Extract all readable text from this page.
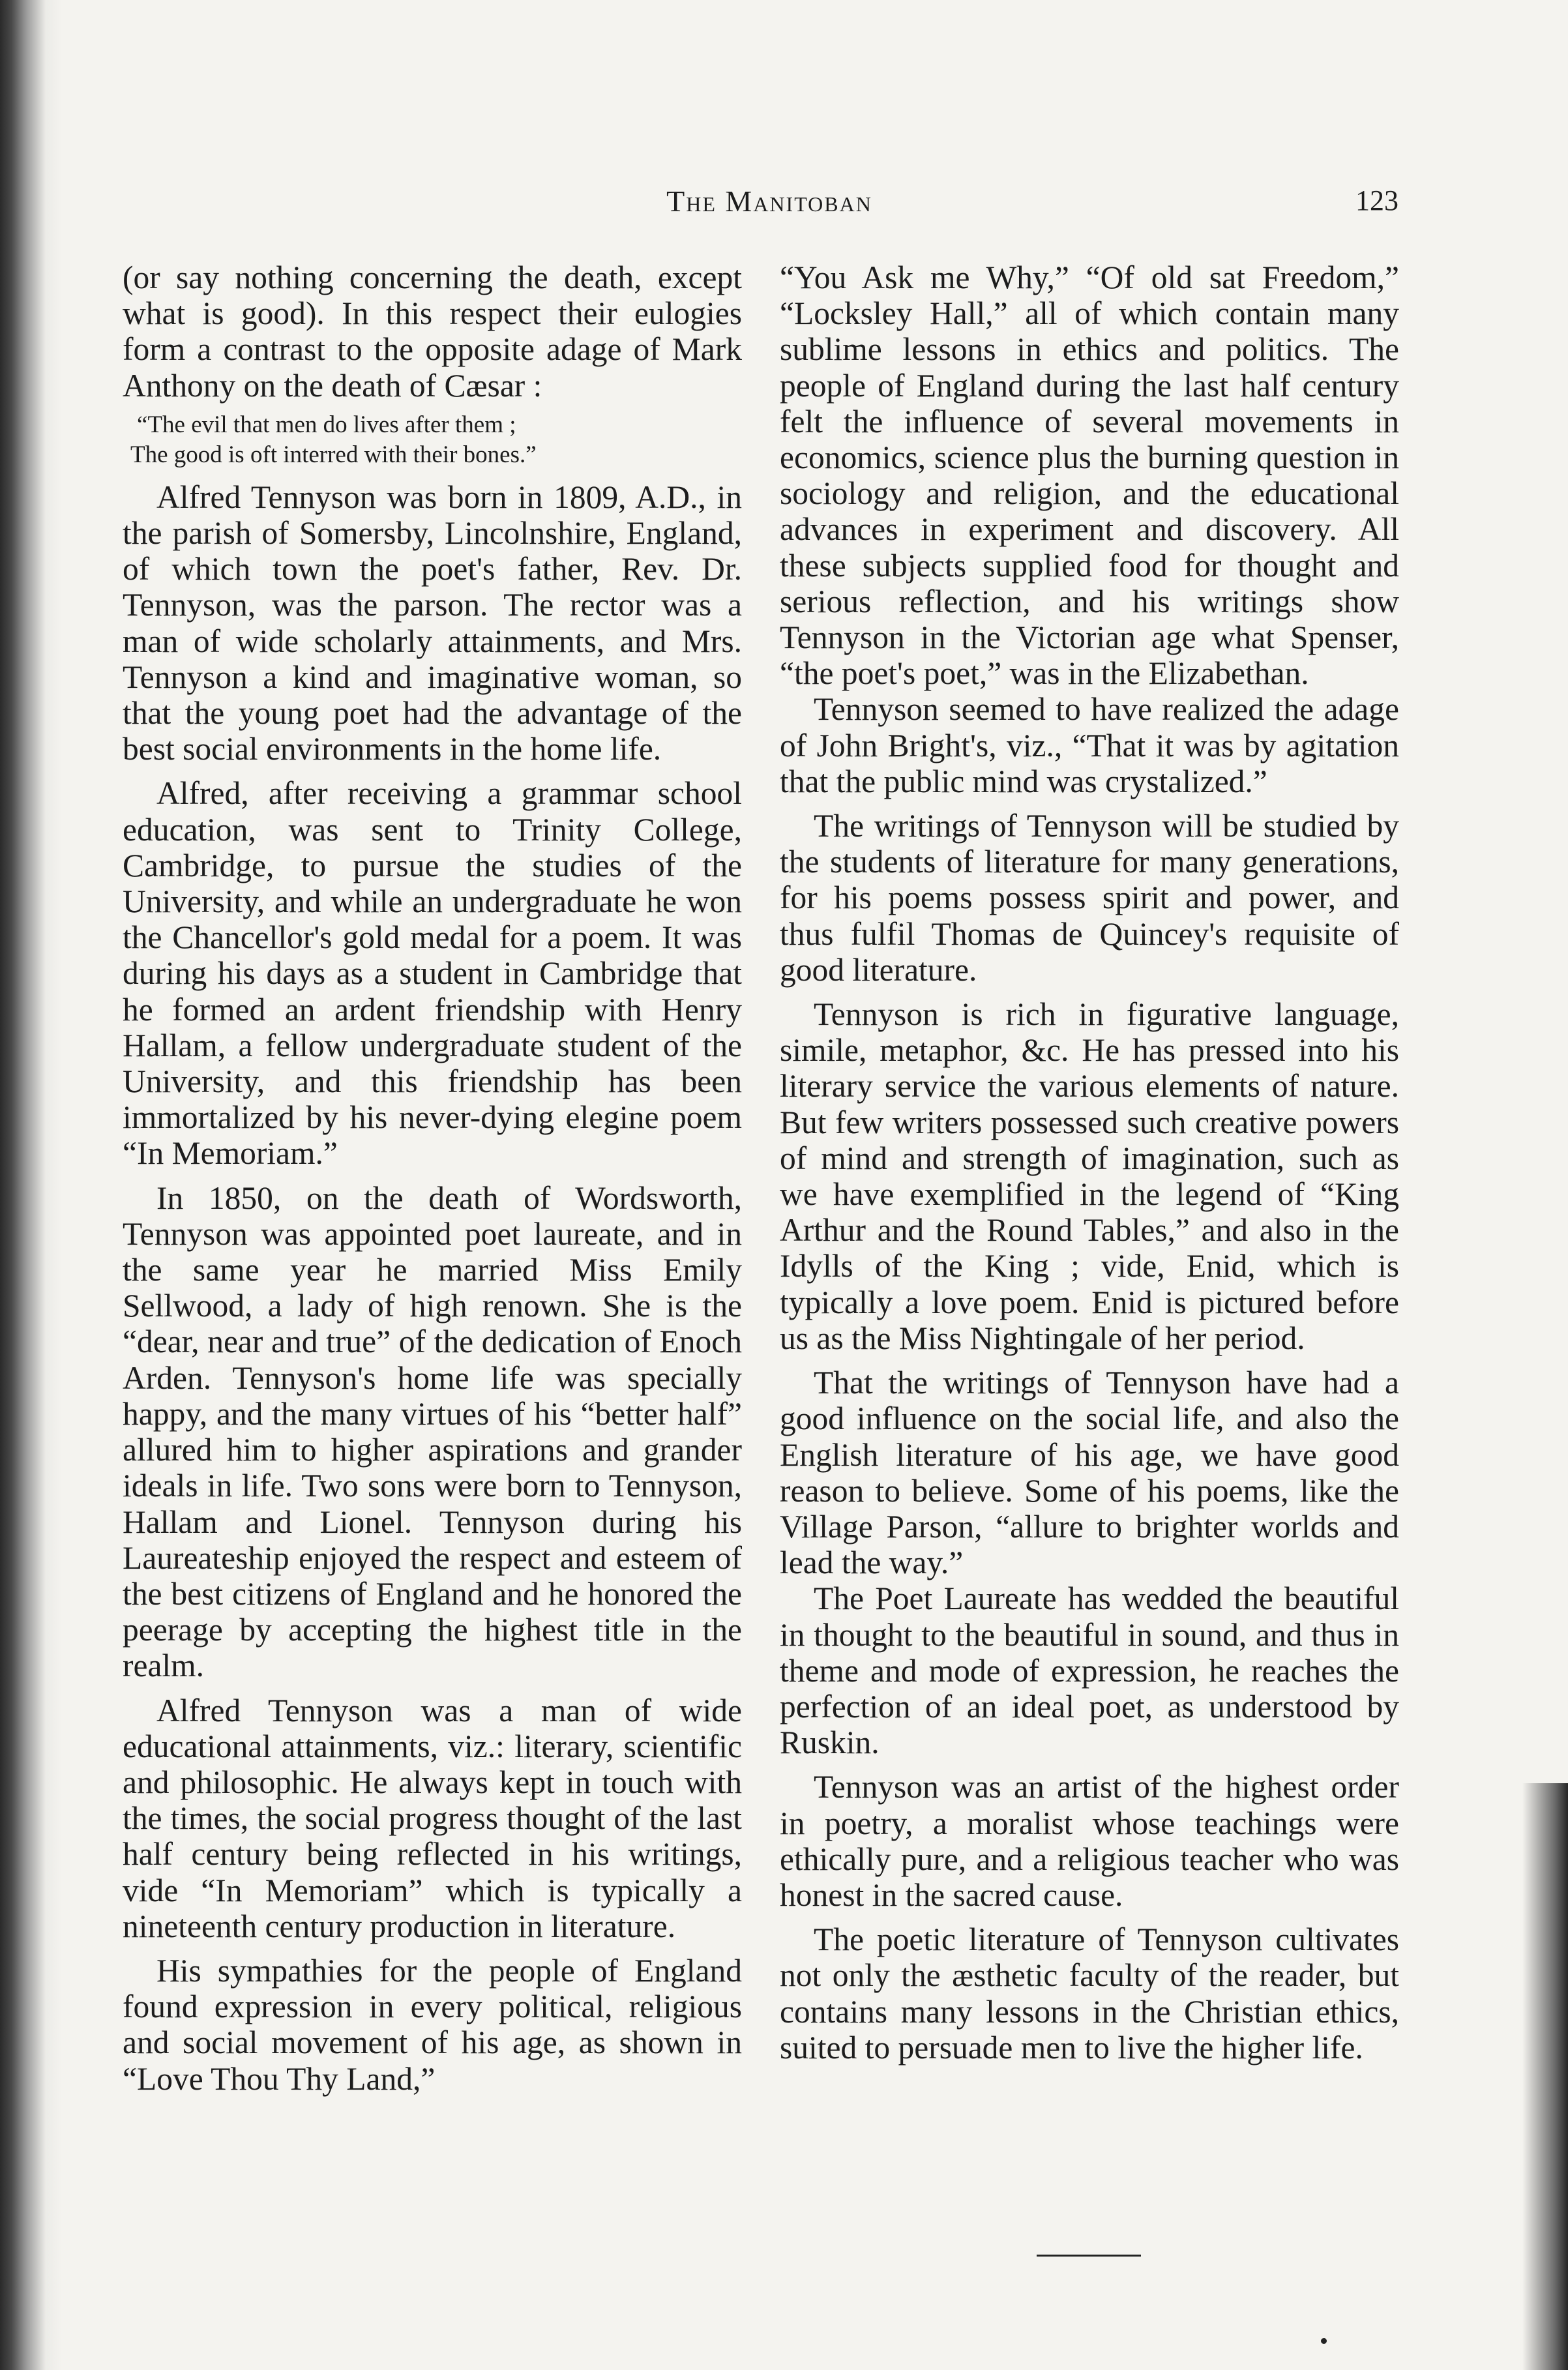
The Manitoban	123

(or say nothing concerning the death, except what is good). In this respect their eulogies form a contrast to the opposite adage of Mark Anthony on the death of Cæsar :

“The evil that men do lives after them ;
The good is oft interred with their bones.”

Alfred Tennyson was born in 1809, A.D., in the parish of Somersby, Lincolnshire, England, of which town the poet's father, Rev. Dr. Tennyson, was the parson. The rector was a man of wide scholarly attainments, and Mrs. Tennyson a kind and imaginative woman, so that the young poet had the advantage of the best social environments in the home life.

Alfred, after receiving a grammar school education, was sent to Trinity College, Cambridge, to pursue the studies of the University, and while an undergraduate he won the Chancellor's gold medal for a poem. It was during his days as a student in Cambridge that he formed an ardent friendship with Henry Hallam, a fellow undergraduate student of the University, and this friendship has been immortalized by his never-dying elegine poem “In Memoriam.”

In 1850, on the death of Wordsworth, Tennyson was appointed poet laureate, and in the same year he married Miss Emily Sellwood, a lady of high renown. She is the “dear, near and true” of the dedication of Enoch Arden. Tennyson's home life was specially happy, and the many virtues of his “better half” allured him to higher aspirations and grander ideals in life. Two sons were born to Tennyson, Hallam and Lionel. Tennyson during his Laureateship enjoyed the respect and esteem of the best citizens of England and he honored the peerage by accepting the highest title in the realm.

Alfred Tennyson was a man of wide educational attainments, viz.: literary, scientific and philosophic. He always kept in touch with the times, the social progress thought of the last half century being reflected in his writings, vide “In Memoriam” which is typically a nineteenth century production in literature.

His sympathies for the people of England found expression in every political, religious and social movement of his age, as shown in “Love Thou Thy Land,”

“You Ask me Why,” “Of old sat Freedom,” “Locksley Hall,” all of which contain many sublime lessons in ethics and politics. The people of England during the last half century felt the influence of several movements in economics, science plus the burning question in sociology and religion, and the educational advances in experiment and discovery. All these subjects supplied food for thought and serious reflection, and his writings show Tennyson in the Victorian age what Spenser, “the poet's poet,” was in the Elizabethan.

Tennyson seemed to have realized the adage of John Bright's, viz., “That it was by agitation that the public mind was crystalized.”

The writings of Tennyson will be studied by the students of literature for many generations, for his poems possess spirit and power, and thus fulfil Thomas de Quincey's requisite of good literature.

Tennyson is rich in figurative language, simile, metaphor, &c. He has pressed into his literary service the various elements of nature. But few writers possessed such creative powers of mind and strength of imagination, such as we have exemplified in the legend of “King Arthur and the Round Tables,” and also in the Idylls of the King ; vide, Enid, which is typically a love poem. Enid is pictured before us as the Miss Nightingale of her period.

That the writings of Tennyson have had a good influence on the social life, and also the English literature of his age, we have good reason to believe. Some of his poems, like the Village Parson, “allure to brighter worlds and lead the way.”

The Poet Laureate has wedded the beautiful in thought to the beautiful in sound, and thus in theme and mode of expression, he reaches the perfection of an ideal poet, as understood by Ruskin.

Tennyson was an artist of the highest order in poetry, a moralist whose teachings were ethically pure, and a religious teacher who was honest in the sacred cause.

The poetic literature of Tennyson cultivates not only the æsthetic faculty of the reader, but contains many lessons in the Christian ethics, suited to persuade men to live the higher life.
